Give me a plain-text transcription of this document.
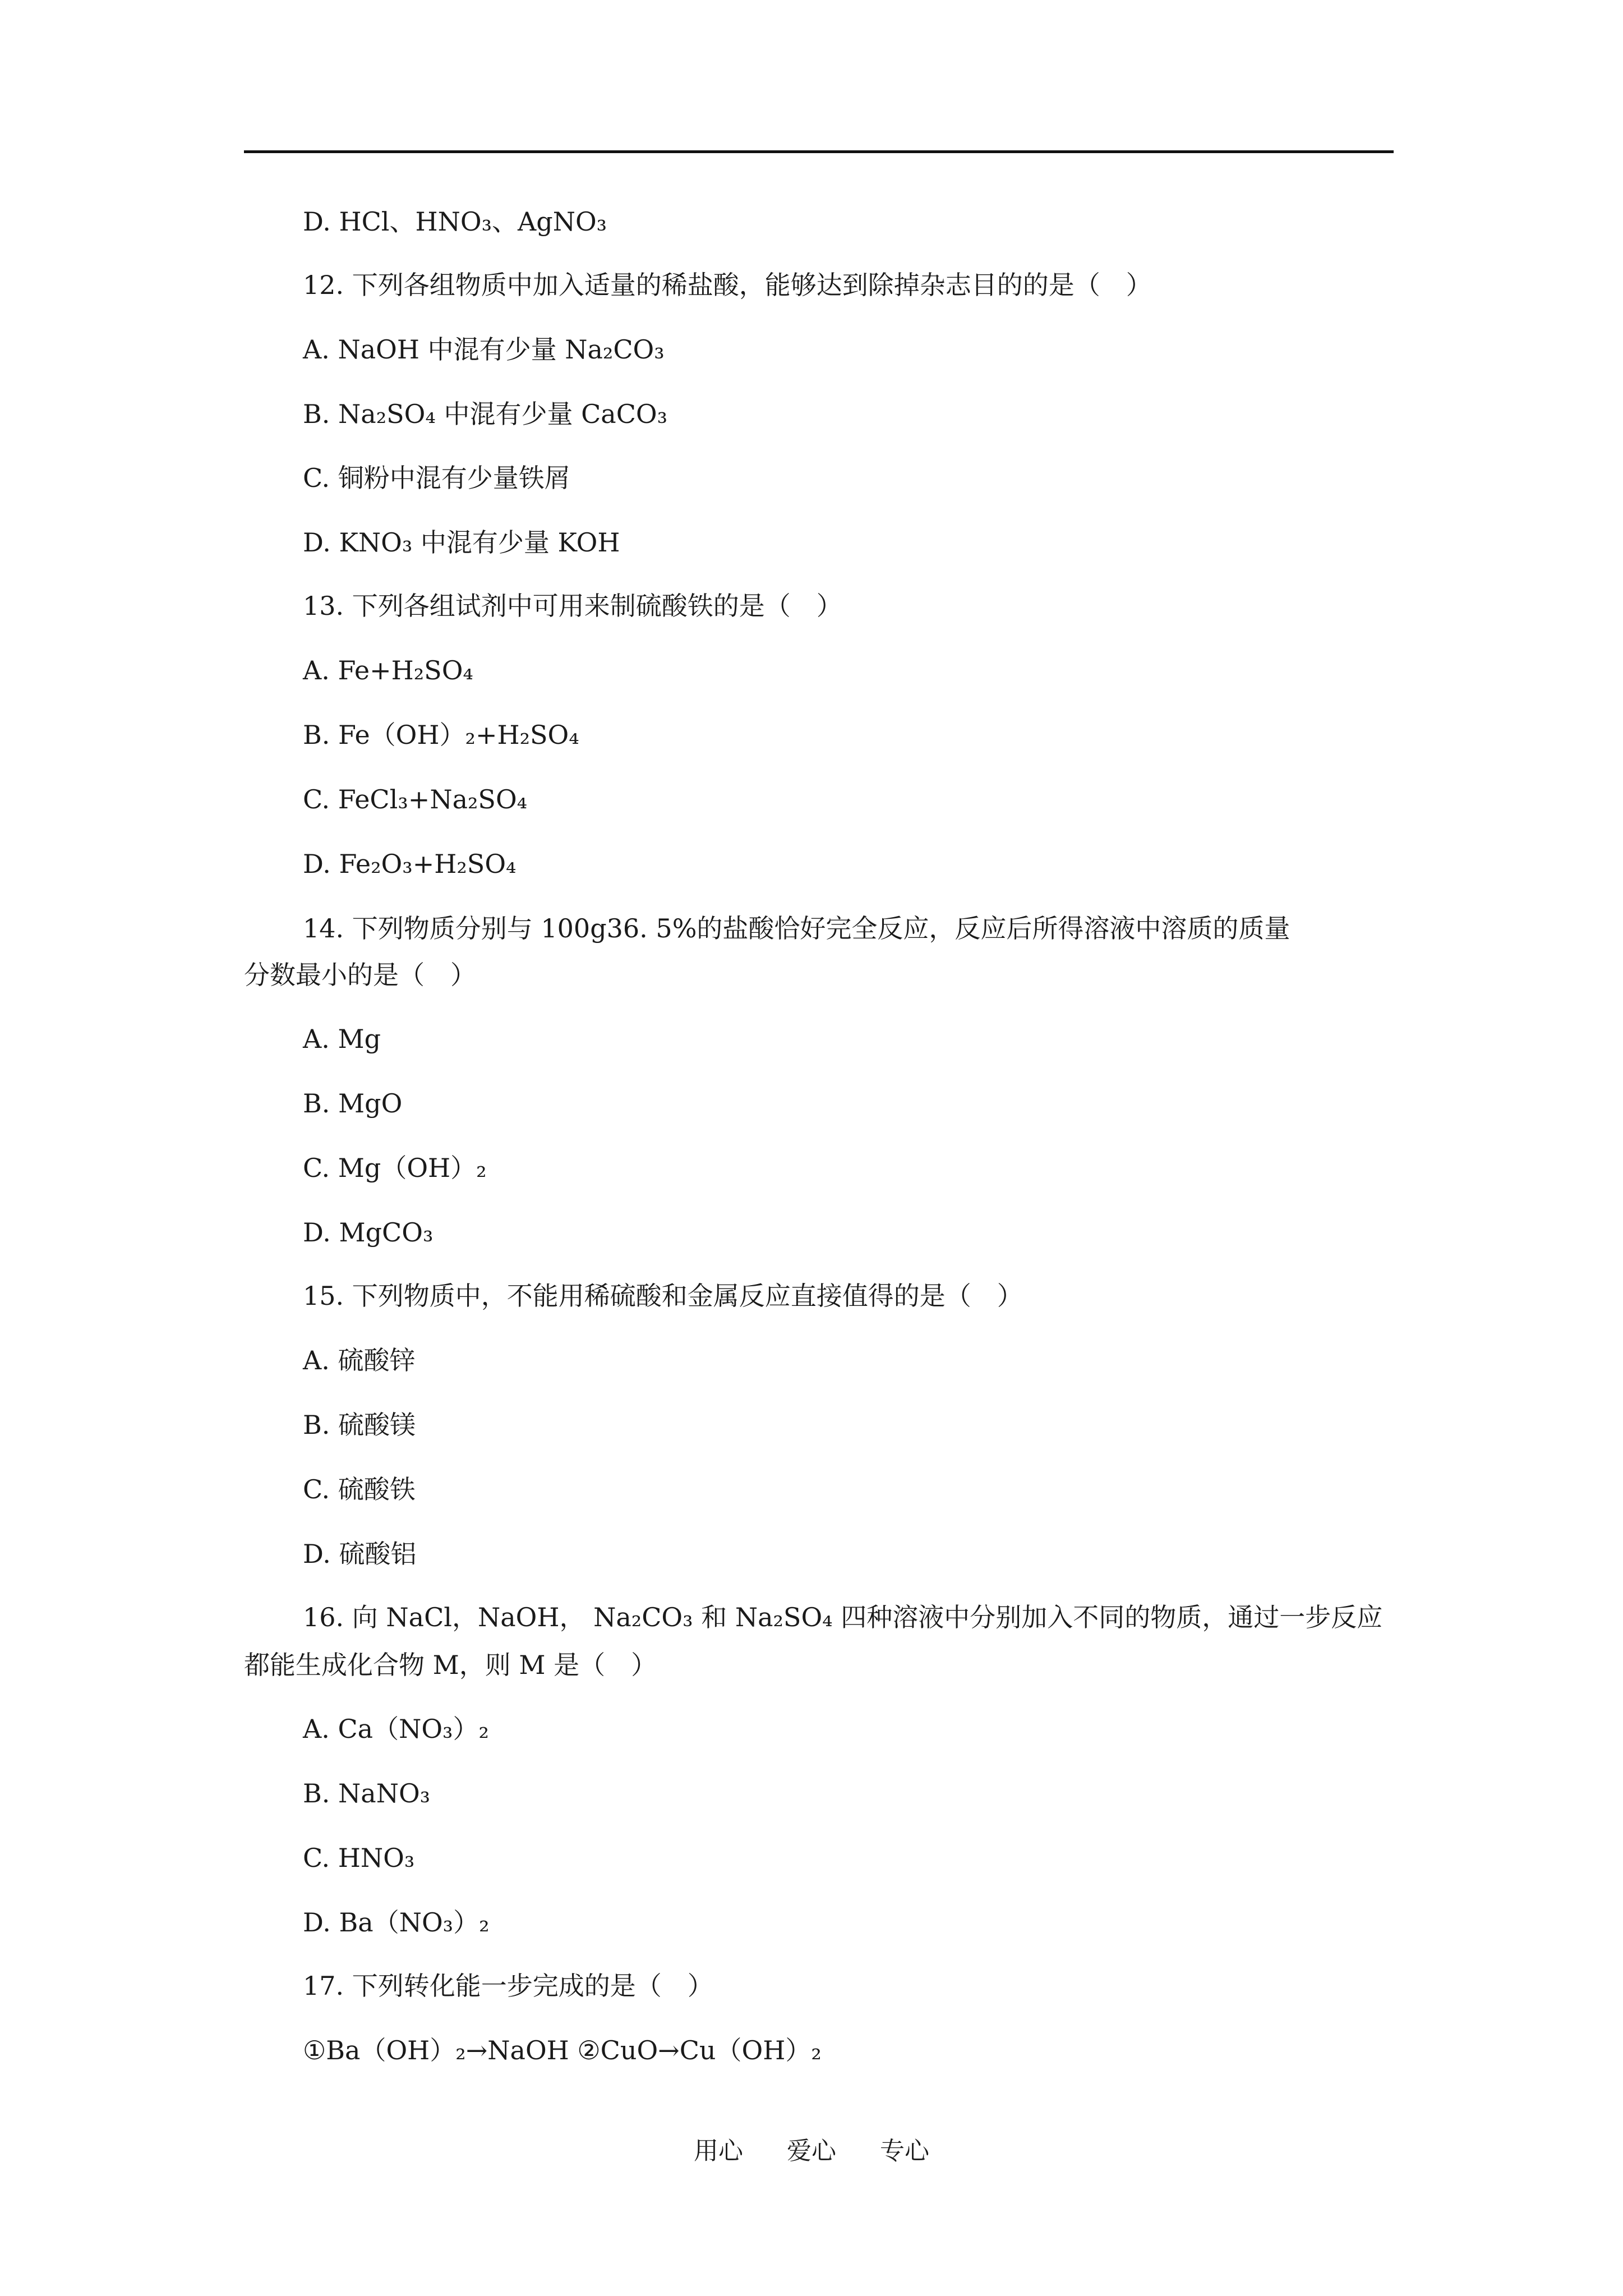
D. HCl、HNO₃、AgNO₃
12. 下列各组物质中加入适量的稀盐酸，能够达到除掉杂志目的的是（　）
A. NaOH 中混有少量 Na₂CO₃
B. Na₂SO₄ 中混有少量 CaCO₃
C. 铜粉中混有少量铁屑
D. KNO₃ 中混有少量 KOH
13. 下列各组试剂中可用来制硫酸铁的是（　）
A. Fe+H₂SO₄
B. Fe（OH）₂+H₂SO₄
C. FeCl₃+Na₂SO₄
D. Fe₂O₃+H₂SO₄
14. 下列物质分别与 100g36. 5%的盐酸恰好完全反应，反应后所得溶液中溶质的质量
分数最小的是（　）
A. Mg
B. MgO
C. Mg（OH）₂
D. MgCO₃
15. 下列物质中，不能用稀硫酸和金属反应直接值得的是（　）
A. 硫酸锌
B. 硫酸镁
C. 硫酸铁
D. 硫酸铝
16. 向 NaCl，NaOH， Na₂CO₃ 和 Na₂SO₄ 四种溶液中分别加入不同的物质，通过一步反应
都能生成化合物 M，则 M 是（　）
A. Ca（NO₃）₂
B. NaNO₃
C. HNO₃
D. Ba（NO₃）₂
17. 下列转化能一步完成的是（　）
①Ba（OH）₂→NaOH ②CuO→Cu（OH）₂
用心 爱心 专心
